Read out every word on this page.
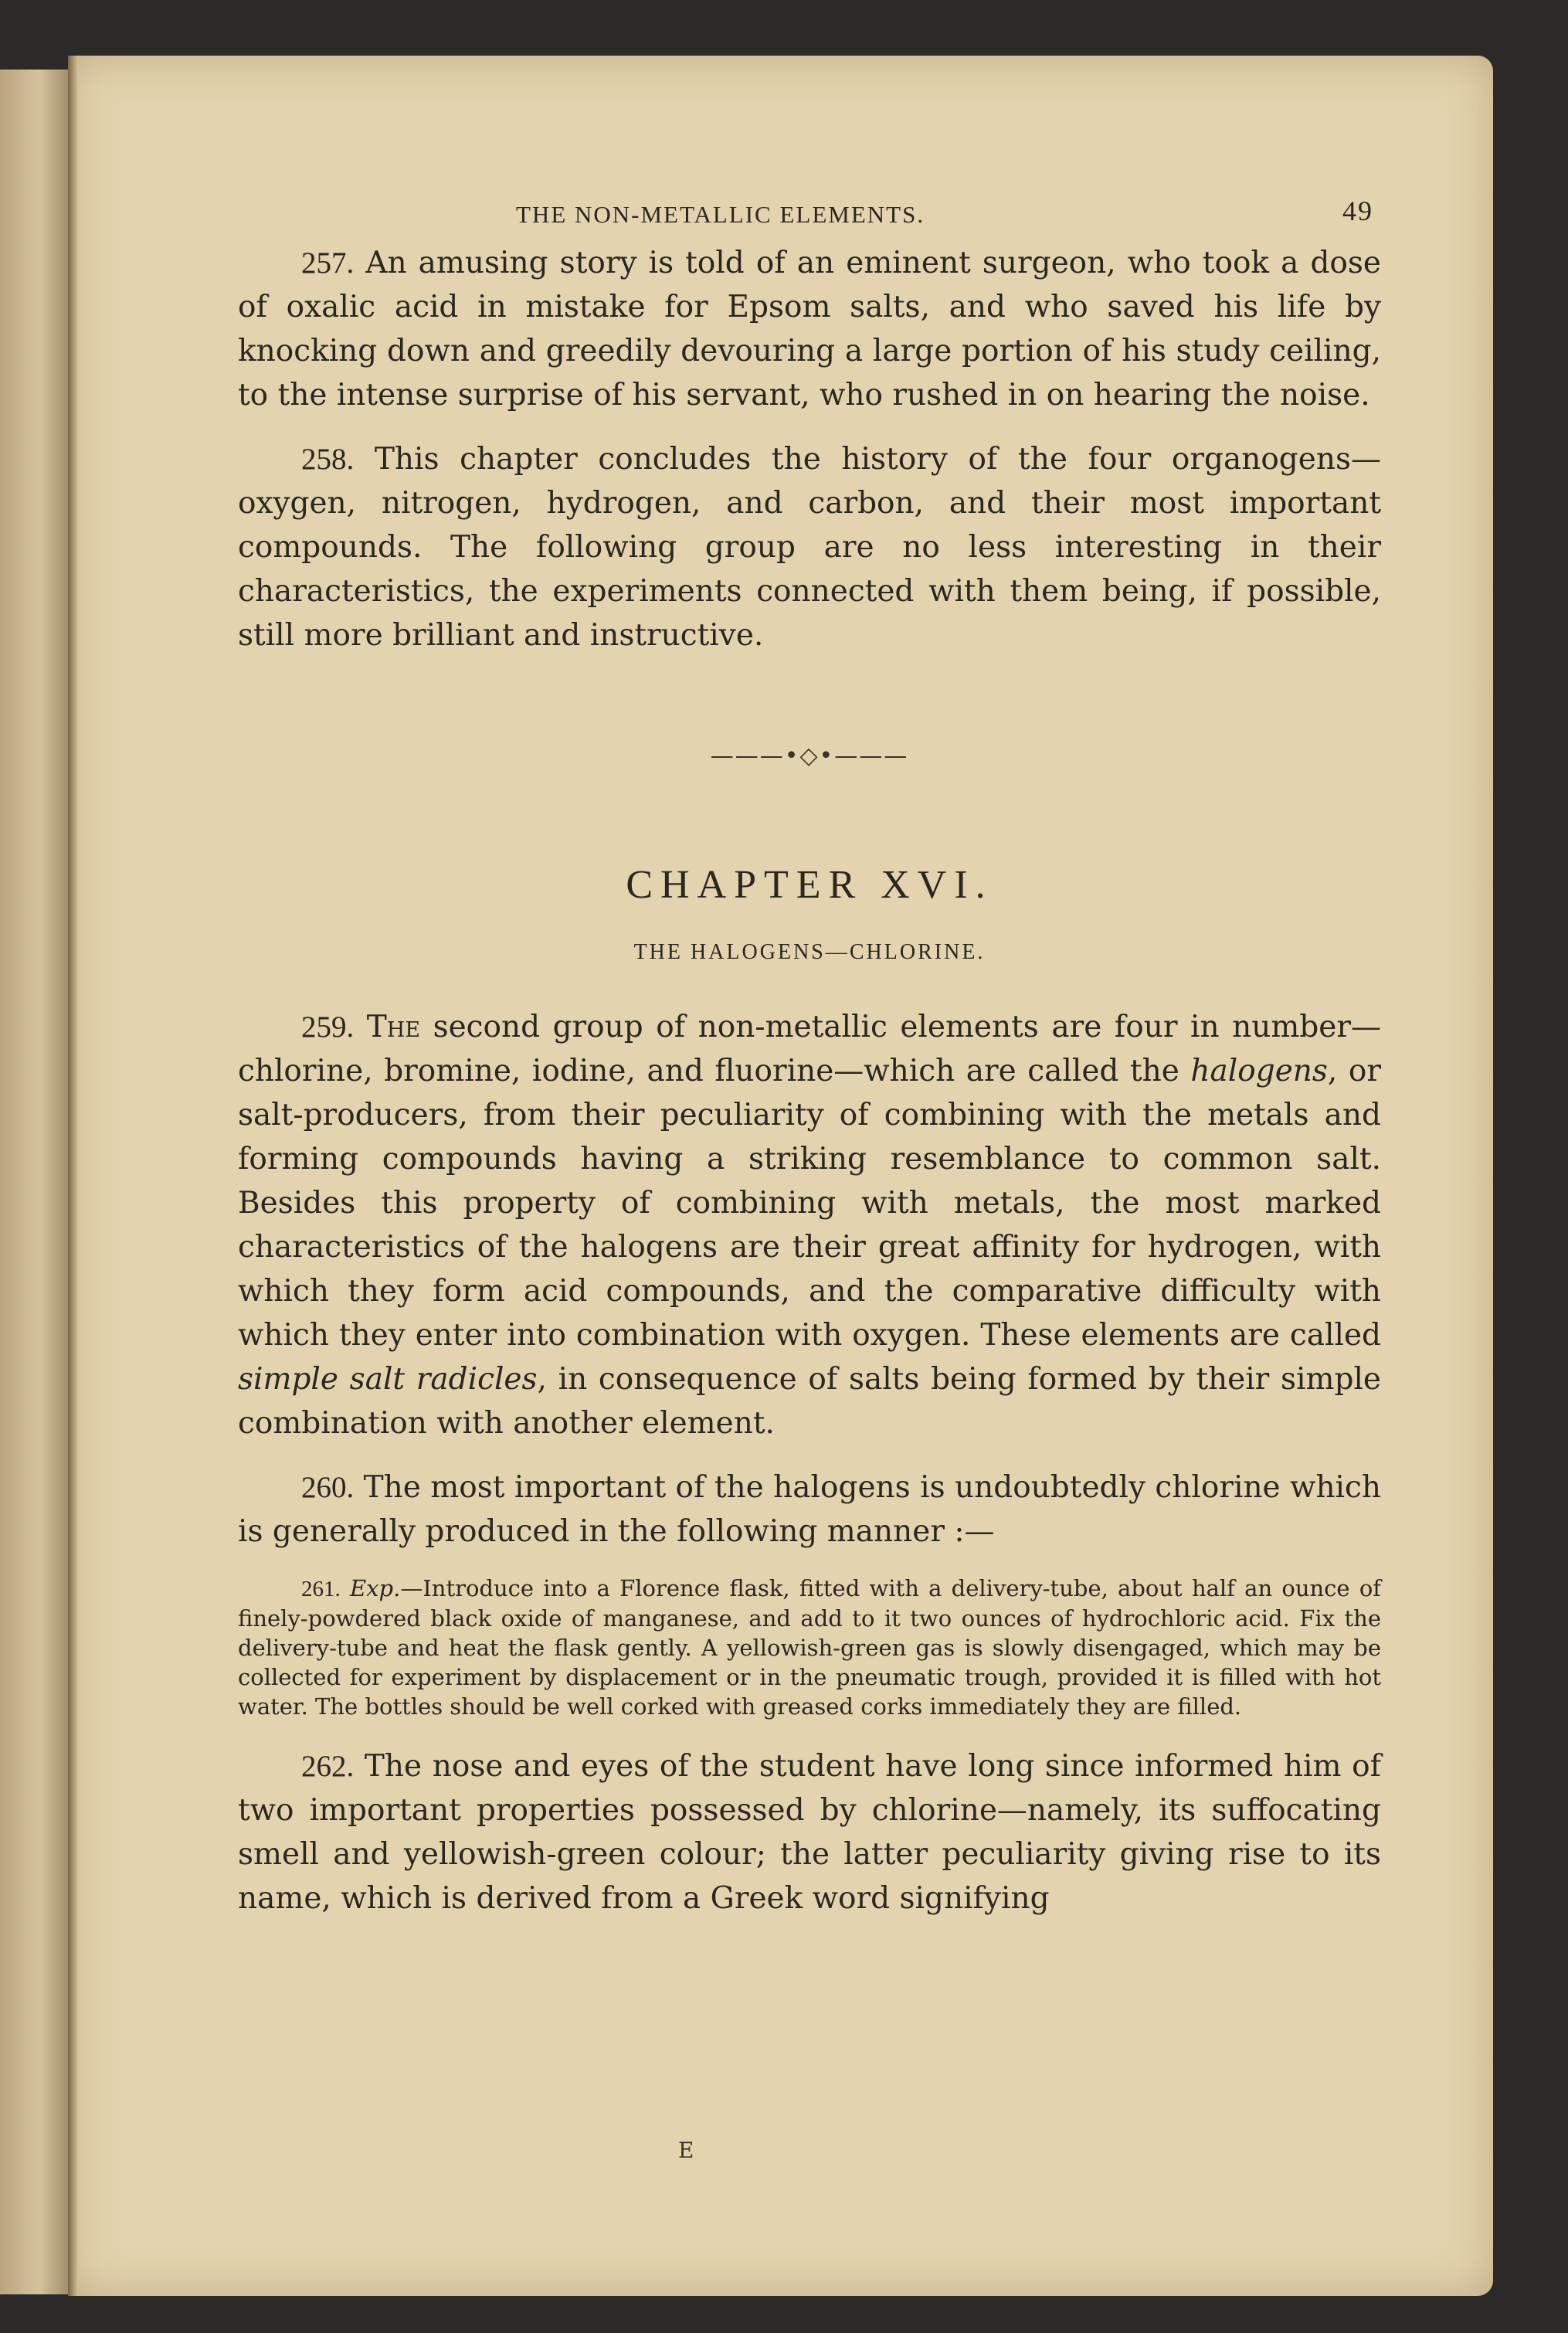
THE NON-METALLIC ELEMENTS.	49

257. An amusing story is told of an eminent surgeon, who took a dose of oxalic acid in mistake for Epsom salts, and who saved his life by knocking down and greedily devouring a large portion of his study ceiling, to the intense surprise of his servant, who rushed in on hearing the noise.

258. This chapter concludes the history of the four organogens—oxygen, nitrogen, hydrogen, and carbon, and their most important compounds. The following group are no less interesting in their characteristics, the experiments connected with them being, if possible, still more brilliant and instructive.

———•◇•———
CHAPTER XVI.
THE HALOGENS—CHLORINE.

259. The second group of non-metallic elements are four in number—chlorine, bromine, iodine, and fluorine—which are called the halogens, or salt-producers, from their peculiarity of combining with the metals and forming compounds having a striking resemblance to common salt. Besides this property of combining with metals, the most marked characteristics of the halogens are their great affinity for hydrogen, with which they form acid compounds, and the comparative difficulty with which they enter into combination with oxygen. These elements are called simple salt radicles, in consequence of salts being formed by their simple combination with another element.

260. The most important of the halogens is undoubtedly chlorine which is generally produced in the following manner :—

261. Exp.—Introduce into a Florence flask, fitted with a delivery-tube, about half an ounce of finely-powdered black oxide of manganese, and add to it two ounces of hydrochloric acid. Fix the delivery-tube and heat the flask gently. A yellowish-green gas is slowly disengaged, which may be collected for experiment by displacement or in the pneumatic trough, provided it is filled with hot water. The bottles should be well corked with greased corks immediately they are filled.

262. The nose and eyes of the student have long since informed him of two important properties possessed by chlorine—namely, its suffocating smell and yellowish-green colour; the latter peculiarity giving rise to its name, which is derived from a Greek word signifying

E
